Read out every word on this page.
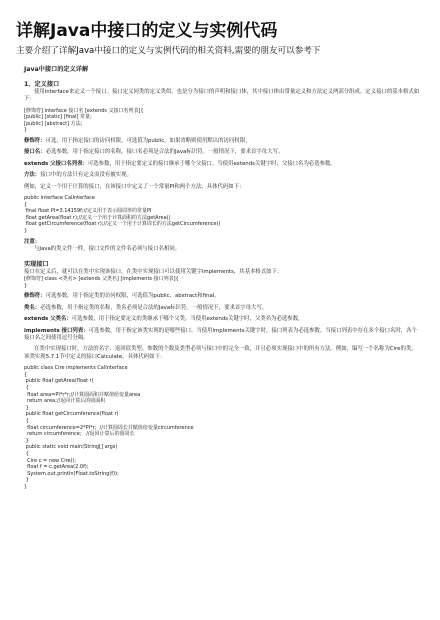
详解Java中接口的定义与实例代码
主要介绍了详解Java中接口的定义与实例代码的相关资料,需要的朋友可以参考下
Java中接口的定义详解
1、定义接口
使用interface来定义一个接口。接口定义同类的定义类似，也是分为接口的声明和接口体，其中接口体由常量定义和方法定义两部分组成。定义接口的基本格式如下：
[修饰符] interface 接口名 [extends 父接口名列表]{
[public] [static] [final] 常量;
[public] [abstract] 方法;
}
修饰符：可选，用于指定接口的访问权限，可选值为public。如果省略则使用默认的访问权限。
接口名：必选参数，用于指定接口的名称，接口名必须是合法的Java标识符。一般情况下，要求首字母大写。
extends 父接口名列表：可选参数，用于指定要定义的接口继承于哪个父接口。当使用extends关键字时，父接口名为必选参数。
方法：接口中的方法只有定义而没有被实现。
例如，定义一个用于计算的接口，在该接口中定义了一个常量PI和两个方法，具体代码如下：
public interface CalInterface
{
final float PI=3.14159f;//定义用于表示圆周率的常量PI
float getArea(float r);//定义一个用于计算面积的方法getArea()
float getCircumference(float r);//定义一个用于计算周长的方法getCircumference()
}
注意：
与Java的类文件一样，接口文件的文件名必须与接口名相同。
实现接口
接口在定义后，就可以在类中实现该接口。在类中实现接口可以使用关键字implements，其基本格式如下：
[修饰符] class <类名> [extends 父类名] [implements 接口列表]{
}
修饰符：可选参数，用于指定类的访问权限，可选值为public、abstract和final。
类名：必选参数，用于指定类的名称，类名必须是合法的Java标识符。一般情况下，要求首字母大写。
extends 父类名：可选参数，用于指定要定义的类继承于哪个父类。当使用extends关键字时，父类名为必选参数。
implements 接口列表：可选参数，用于指定该类实现的是哪些接口。当使用implements关键字时，接口列表为必选参数。当接口列表中存在多个接口名时，各个接口名之间使用逗号分隔。
在类中实现接口时，方法的名字、返回值类型、参数的个数及类型必须与接口中的完全一致，并且必须实现接口中的所有方法。例如，编写一个名称为Cire的类，该类实现5.7.1节中定义的接口Calculate，具体代码如下：
public class Cire implements CalInterface
{
public float getArea(float r)
{
float area=PI*r*r;//计算圆面积并赋值给变量area
return area;//返回计算后的圆面积
}
public float getCircumference(float r)
{
float circumference=2*PI*r;  //计算圆周长并赋值给变量circumference
return circumference;   //返回计算后的圆周长
}
public static void main(String[] args)
{
Cire c = new Cire();
float f = c.getArea(2.0f);
System.out.println(Float.toString(f));
}
}
